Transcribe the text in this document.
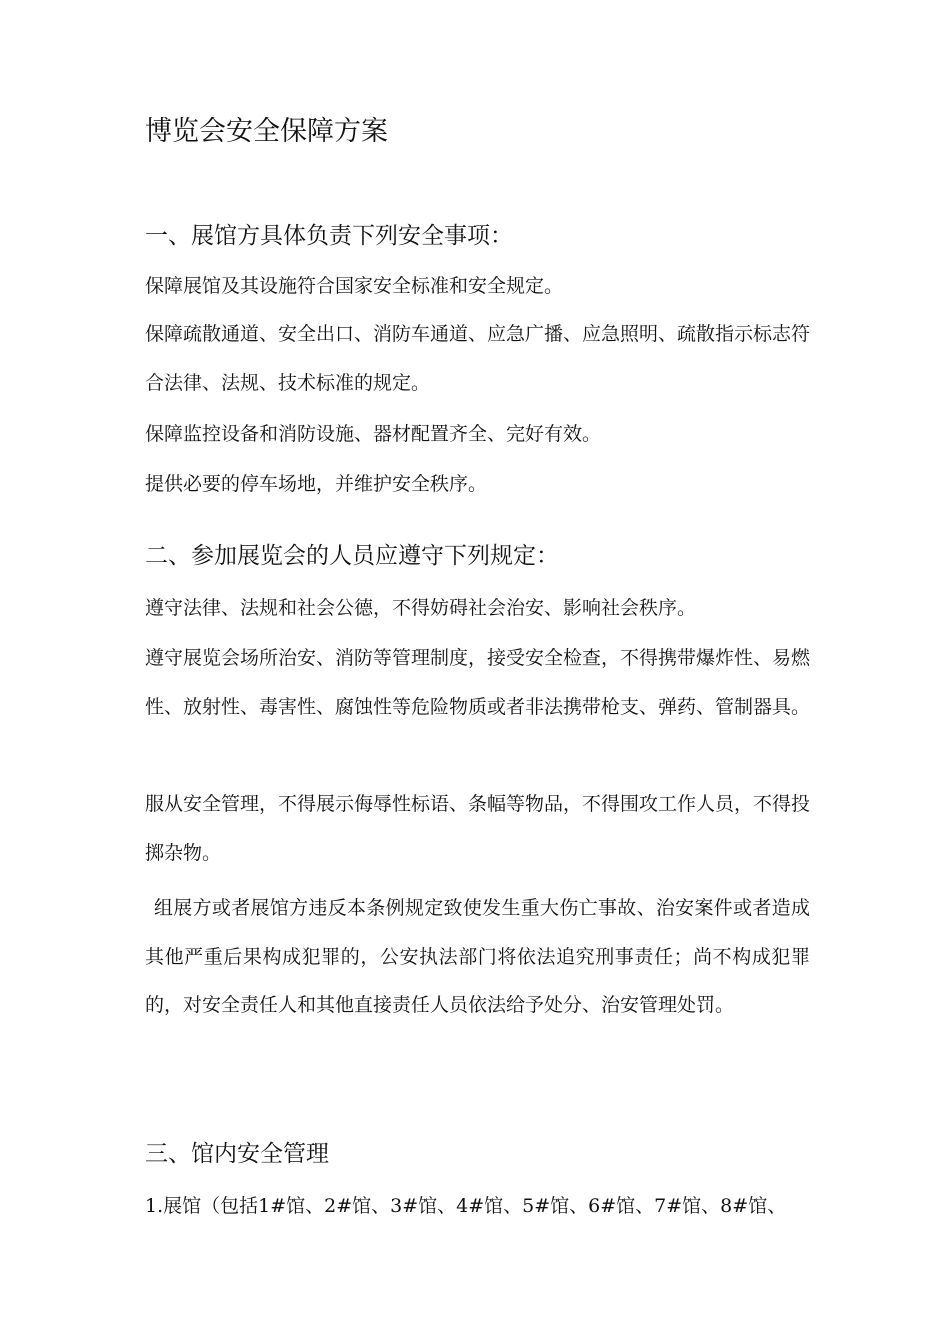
博览会安全保障方案
一、展馆方具体负责下列安全事项：

保障展馆及其设施符合国家安全标准和安全规定。

保障疏散通道、安全出口、消防车通道、应急广播、应急照明、疏散指示标志符合法律、法规、技术标准的规定。

保障监控设备和消防设施、器材配置齐全、完好有效。

提供必要的停车场地，并维护安全秩序。

二、参加展览会的人员应遵守下列规定：

遵守法律、法规和社会公德，不得妨碍社会治安、影响社会秩序。

遵守展览会场所治安、消防等管理制度，接受安全检查，不得携带爆炸性、易燃性、放射性、毒害性、腐蚀性等危险物质或者非法携带枪支、弹药、管制器具。

服从安全管理，不得展示侮辱性标语、条幅等物品，不得围攻工作人员，不得投掷杂物。

组展方或者展馆方违反本条例规定致使发生重大伤亡事故、治安案件或者造成其他严重后果构成犯罪的，公安执法部门将依法追究刑事责任；尚不构成犯罪的，对安全责任人和其他直接责任人员依法给予处分、治安管理处罚。

三、馆内安全管理

1.展馆（包括1#馆、2#馆、3#馆、4#馆、5#馆、6#馆、7#馆、8#馆、
